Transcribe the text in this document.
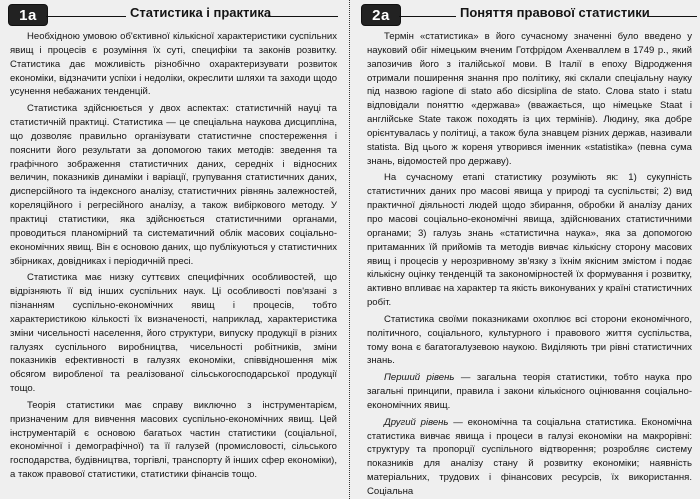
1a	Статистика і практика

Необхідною умовою об'єктивної кількісної характеристики суспільних явищ і процесів є розуміння їх суті, специфіки та законів розвитку. Статистика дає можливість різнобічно охарактеризувати розвиток економіки, відзначити успіхи і недоліки, окреслити шляхи та заходи щодо усунення небажаних тенденцій.

Статистика здійснюється у двох аспектах: статистичній науці та статистичній практиці. Статистика — це спеціальна наукова дисципліна, що дозволяє правильно організувати статистичне спостереження і пояснити його результати за допомогою таких методів: зведення та графічного зображення статистичних даних, середніх і відносних величин, показників динаміки і варіації, групування статистичних даних, дисперсійного та індексного аналізу, статистичних рівнянь залежностей, кореляційного і регресійного аналізу, а також вибіркового методу. У практиці статистики, яка здійснюється статистичними органами, проводиться планомірний та систематичний облік масових соціально-економічних явищ. Він є основою даних, що публікуються у статистичних збірниках, довідниках і періодичній пресі.

Статистика має низку суттєвих специфічних особливостей, що відрізняють її від інших суспільних наук. Ці особливості пов'язані з пізнанням суспільно-економічних явищ і процесів, тобто характеристикою кількості їх визначеності, наприклад, характеристика зміни чисельності населення, його структури, випуску продукції в різних галузях суспільного виробництва, чисельності робітників, зміни показників ефективності в галузях економіки, співвідношення між обсягом виробленої та реалізованої сільськогосподарської продукції тощо.

Теорія статистики має справу виключно з інструментарієм, призначеним для вивчення масових суспільно-економічних явищ. Цей інструментарій є основою багатьох частин статистики (соціальної, економічної і демографічної) та її галузей (промисловості, сільського господарства, будівництва, торгівлі, транспорту й інших сфер економіки), а також правової статистики, статистики фінансів тощо.

2a	Поняття правової статистики

Термін «статистика» в його сучасному значенні було введено у науковий обіг німецьким вченим Готфрідом Ахенваллем в 1749 р., який запозичив його з італійської мови. В Італії в епоху Відродження отримали поширення знання про політику, які склали спеціальну науку під назвою ragione di stato або dicsiplina de stato. Слова stato і statu відповідали поняттю «держава» (вважається, що німецьке Staat і англійське State також походять із цих термінів). Людину, яка добре орієнтувалась у політиці, а також була знавцем різних держав, називали statista. Від цього ж кореня утворився іменник «statistika» (певна сума знань, відомостей про державу).

На сучасному етапі статистику розуміють як: 1) сукупність статистичних даних про масові явища у природі та суспільстві; 2) вид практичної діяльності людей щодо збирання, обробки й аналізу даних про масові соціально-економічні явища, здійснюваних статистичними органами; 3) галузь знань «статистична наука», яка за допомогою притаманних їй прийомів та методів вивчає кількісну сторону масових явищ і процесів у нерозривному зв'язку з їхнім якісним змістом і подає кількісну оцінку тенденцій та закономірностей їх формування і розвитку, активно впливає на характер та якість виконуваних у країні статистичних робіт.

Статистика своїми показниками охоплює всі сторони економічного, політичного, соціального, культурного і правового життя суспільства, тому вона є багатогалузевою наукою. Виділяють три рівні статистичних знань.

Перший рівень — загальна теорія статистики, тобто наука про загальні принципи, правила і закони кількісного оцінювання соціально-економічних явищ.

Другий рівень — економічна та соціальна статистика. Економічна статистика вивчає явища і процеси в галузі економіки на макрорівні: структуру та пропорції суспільного відтворення; розробляє систему показників для аналізу стану й розвитку економіки; наявність матеріальних, трудових і фінансових ресурсів, їх використання. Соціальна
